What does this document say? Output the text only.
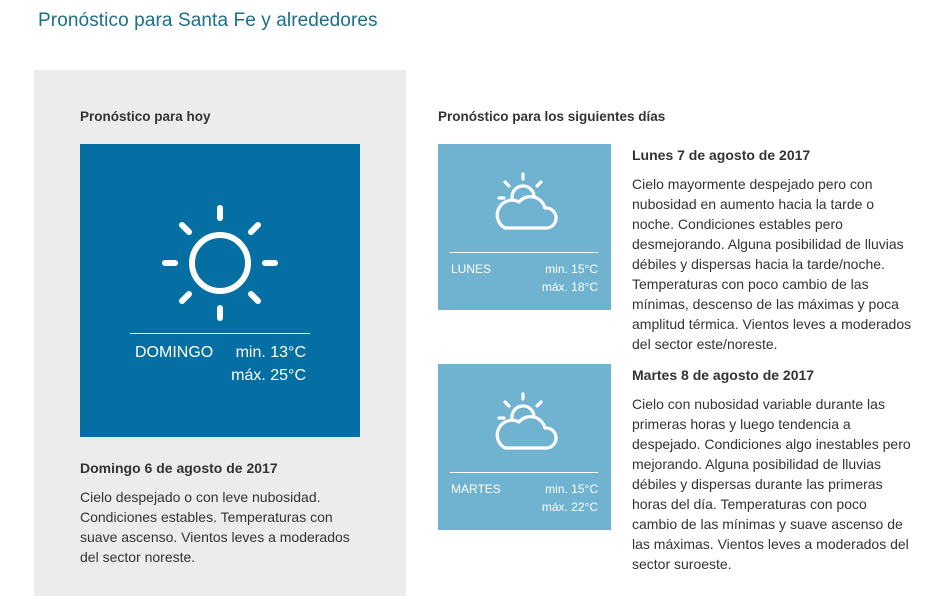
Pronóstico para Santa Fe y alrededores
Pronóstico para hoy
DOMINGO min. 13°C
máx. 25°C
Domingo 6 de agosto de 2017

Cielo despejado o con leve nubosidad. Condiciones estables. Temperaturas con suave ascenso. Vientos leves a moderados del sector noreste.

Pronóstico para los siguientes días
LUNES	min. 15°C
máx. 18°C
Lunes 7 de agosto de 2017

Cielo mayormente despejado pero con nubosidad en aumento hacia la tarde o noche. Condiciones estables pero desmejorando. Alguna posibilidad de lluvias débiles y dispersas hacia la tarde/noche. Temperaturas con poco cambio de las mínimas, descenso de las máximas y poca amplitud térmica. Vientos leves a moderados del sector este/noreste.

MARTES	min. 15°C
máx. 22°C
Martes 8 de agosto de 2017

Cielo con nubosidad variable durante las primeras horas y luego tendencia a despejado. Condiciones algo inestables pero mejorando. Alguna posibilidad de lluvias débiles y dispersas durante las primeras horas del día. Temperaturas con poco cambio de las mínimas y suave ascenso de las máximas. Vientos leves a moderados del sector suroeste.
